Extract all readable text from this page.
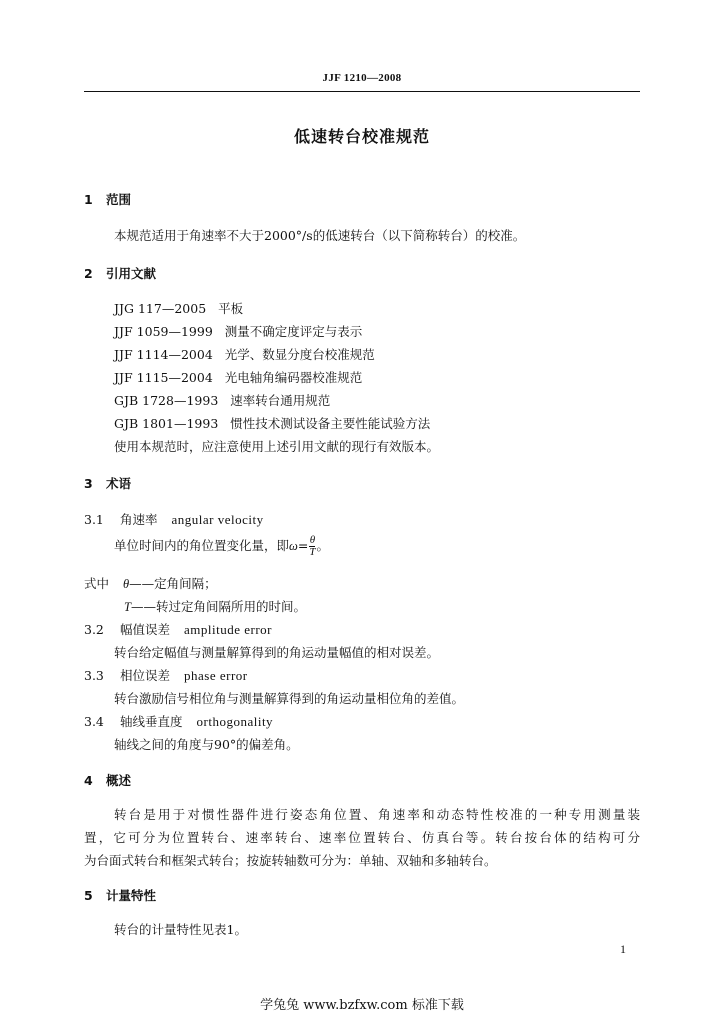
JJF 1210—2008
低速转台校准规范
1 范围
本规范适用于角速率不大于2000°/s的低速转台（以下简称转台）的校准。
2 引用文献
JJG 117—2005 平板
JJF 1059—1999 测量不确定度评定与表示
JJF 1114—2004 光学、数显分度台校准规范
JJF 1115—2004 光电轴角编码器校准规范
GJB 1728—1993 速率转台通用规范
GJB 1801—1993 惯性技术测试设备主要性能试验方法
使用本规范时，应注意使用上述引用文献的现行有效版本。
3 术语
3.1 角速率 angular velocity
单位时间内的角位置变化量，即$\omega= \frac{\theta}{T}$ 。
式中 θ——定角间隔；
T——转过定角间隔所用的时间。
3.2 幅值误差 amplitude error
转台给定幅值与测量解算得到的角运动量幅值的相对误差。
3.3 相位误差 phase error
转台激励信号相位角与测量解算得到的角运动量相位角的差值。
3.4 轴线垂直度 orthogonality
轴线之间的角度与90°的偏差角。
4 概述
转台是用于对惯性器件进行姿态角位置、角速率和动态特性校准的一种专用测量装
置，它可分为位置转台、速率转台、速率位置转台、仿真台等。转台按台体的结构可分
为台面式转台和框架式转台；按旋转轴数可分为：单轴、双轴和多轴转台。
5 计量特性
转台的计量特性见表1。
1
学兔兔 www.bzfxw.com 标准下载
